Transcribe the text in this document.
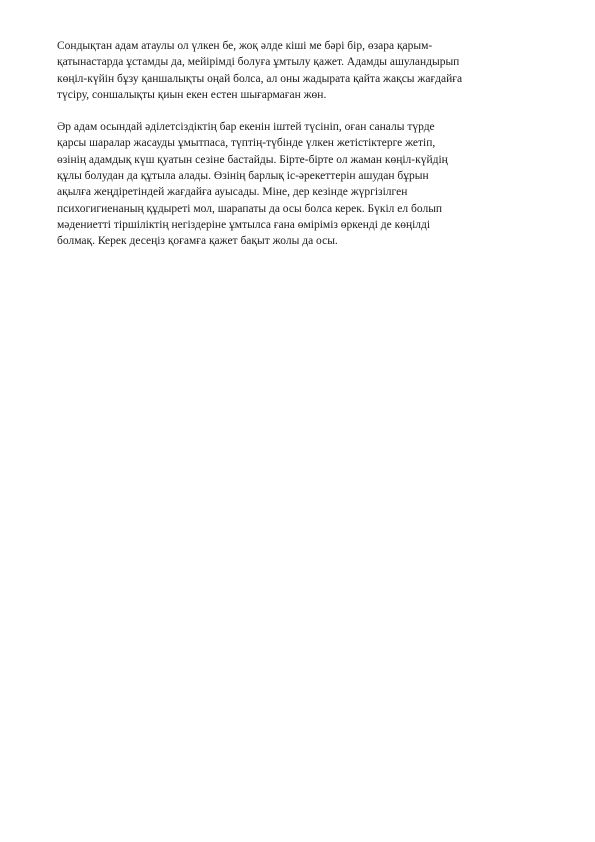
Сондықтан адам атаулы ол үлкен бе, жоқ әлде кіші ме бәрі бір, өзара қарым-
қатынастарда ұстамды да, мейірімді болуға ұмтылу қажет. Адамды ашуландырып
көңіл-күйін бұзу қаншалықты оңай болса, ал оны жадырата қайта жақсы жағдайға
түсіру, соншалықты қиын екен естен шығармаған жөн.

Әр адам осындай әділетсіздіктің бар екенін іштей түсініп, оған саналы түрде
қарсы шаралар жасауды ұмытпаса, түптің-түбінде үлкен жетістіктерге жетіп,
өзінің адамдық күш қуатын сезіне бастайды. Бірте-бірте ол жаман көңіл-күйдің
құлы болудан да құтыла алады. Өзінің барлық іс-әрекеттерін ашудан бұрын
ақылға жеңдіретіндей жағдайға ауысады. Міне, дер кезінде жүргізілген
психогигиенаның құдыреті мол, шарапаты да осы болса керек. Бүкіл ел болып
мәдениетті тіршіліктің негіздеріне ұмтылса ғана өміріміз өркенді де көңілді
болмақ. Керек десеңіз қоғамға қажет бақыт жолы да осы.
